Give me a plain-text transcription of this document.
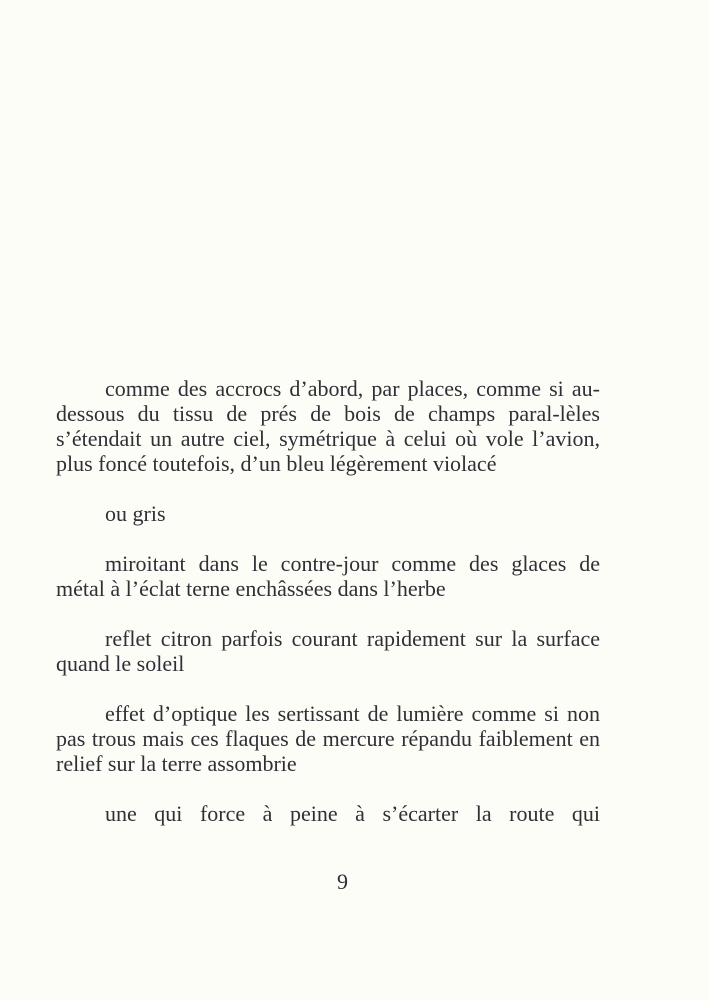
comme des accrocs d’abord, par places, comme si au-dessous du tissu de prés de bois de champs paral-lèles s’étendait un autre ciel, symétrique à celui où vole l’avion, plus foncé toutefois, d’un bleu légèrement violacé

ou gris

miroitant dans le contre-jour comme des glaces de métal à l’éclat terne enchâssées dans l’herbe

reflet citron parfois courant rapidement sur la surface quand le soleil

effet d’optique les sertissant de lumière comme si non pas trous mais ces flaques de mercure répandu faiblement en relief sur la terre assombrie

une qui force à peine à s’écarter la route qui

9
